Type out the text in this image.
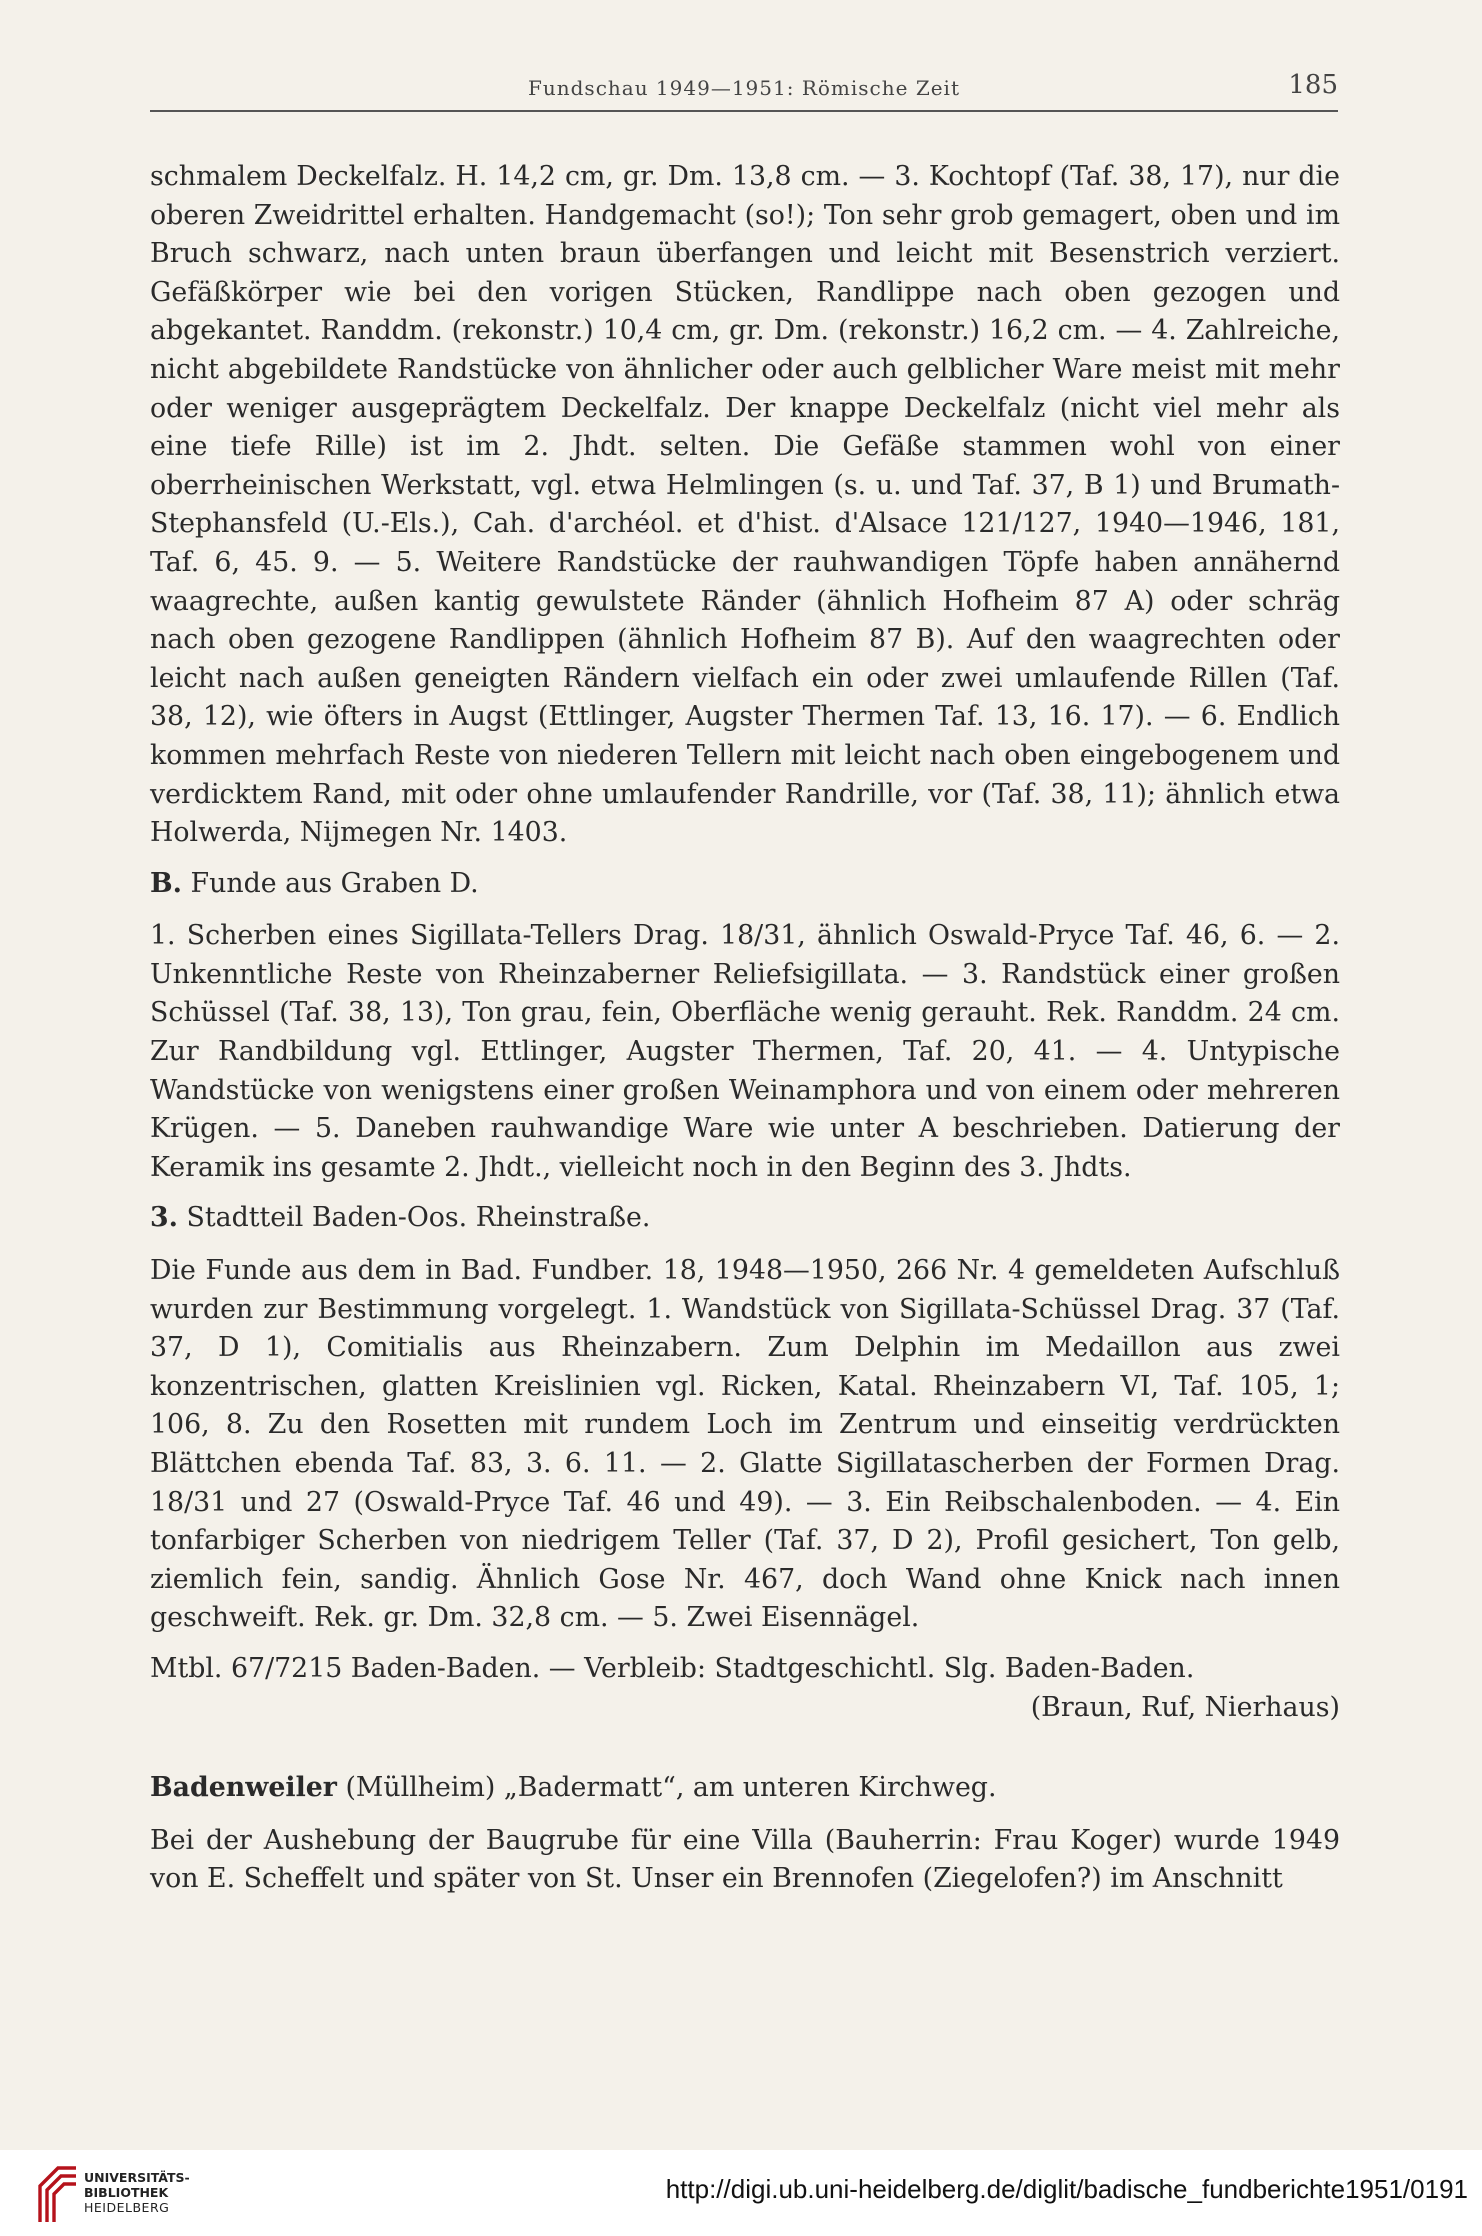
Fundschau 1949—1951: Römische Zeit	185

schmalem Deckelfalz. H. 14,2 cm, gr. Dm. 13,8 cm. — 3. Kochtopf (Taf. 38, 17), nur die oberen Zweidrittel erhalten. Handgemacht (so!); Ton sehr grob gemagert, oben und im Bruch schwarz, nach unten braun überfangen und leicht mit Besenstrich verziert. Gefäßkörper wie bei den vorigen Stücken, Randlippe nach oben gezogen und abgekantet. Randdm. (rekonstr.) 10,4 cm, gr. Dm. (rekonstr.) 16,2 cm. — 4. Zahlreiche, nicht abgebildete Randstücke von ähnlicher oder auch gelblicher Ware meist mit mehr oder weniger ausgeprägtem Deckelfalz. Der knappe Deckelfalz (nicht viel mehr als eine tiefe Rille) ist im 2. Jhdt. selten. Die Gefäße stammen wohl von einer oberrheinischen Werkstatt, vgl. etwa Helmlingen (s. u. und Taf. 37, B 1) und Brumath-Stephansfeld (U.-Els.), Cah. d'archéol. et d'hist. d'Alsace 121/127, 1940—1946, 181, Taf. 6, 45. 9. — 5. Weitere Randstücke der rauhwandigen Töpfe haben annähernd waagrechte, außen kantig gewulstete Ränder (ähnlich Hofheim 87 A) oder schräg nach oben gezogene Randlippen (ähnlich Hofheim 87 B). Auf den waagrechten oder leicht nach außen geneigten Rändern vielfach ein oder zwei umlaufende Rillen (Taf. 38, 12), wie öfters in Augst (Ettlinger, Augster Thermen Taf. 13, 16. 17). — 6. Endlich kommen mehrfach Reste von niederen Tellern mit leicht nach oben eingebogenem und verdicktem Rand, mit oder ohne umlaufender Randrille, vor (Taf. 38, 11); ähnlich etwa Holwerda, Nijmegen Nr. 1403.

B. Funde aus Graben D.

1. Scherben eines Sigillata-Tellers Drag. 18/31, ähnlich Oswald-Pryce Taf. 46, 6. — 2. Unkenntliche Reste von Rheinzaberner Reliefsigillata. — 3. Randstück einer großen Schüssel (Taf. 38, 13), Ton grau, fein, Oberfläche wenig gerauht. Rek. Randdm. 24 cm. Zur Randbildung vgl. Ettlinger, Augster Thermen, Taf. 20, 41. — 4. Untypische Wandstücke von wenigstens einer großen Weinamphora und von einem oder mehreren Krügen. — 5. Daneben rauhwandige Ware wie unter A beschrieben. Datierung der Keramik ins gesamte 2. Jhdt., vielleicht noch in den Beginn des 3. Jhdts.

3. Stadtteil Baden-Oos. Rheinstraße.

Die Funde aus dem in Bad. Fundber. 18, 1948—1950, 266 Nr. 4 gemeldeten Aufschluß wurden zur Bestimmung vorgelegt. 1. Wandstück von Sigillata-Schüssel Drag. 37 (Taf. 37, D 1), Comitialis aus Rheinzabern. Zum Delphin im Medaillon aus zwei konzentrischen, glatten Kreislinien vgl. Ricken, Katal. Rheinzabern VI, Taf. 105, 1; 106, 8. Zu den Rosetten mit rundem Loch im Zentrum und einseitig verdrückten Blättchen ebenda Taf. 83, 3. 6. 11. — 2. Glatte Sigillatascherben der Formen Drag. 18/31 und 27 (Oswald-Pryce Taf. 46 und 49). — 3. Ein Reibschalenboden. — 4. Ein tonfarbiger Scherben von niedrigem Teller (Taf. 37, D 2), Profil gesichert, Ton gelb, ziemlich fein, sandig. Ähnlich Gose Nr. 467, doch Wand ohne Knick nach innen geschweift. Rek. gr. Dm. 32,8 cm. — 5. Zwei Eisennägel.

Mtbl. 67/7215 Baden-Baden. — Verbleib: Stadtgeschichtl. Slg. Baden-Baden.

(Braun, Ruf, Nierhaus)

Badenweiler (Müllheim) „Badermatt“, am unteren Kirchweg.

Bei der Aushebung der Baugrube für eine Villa (Bauherrin: Frau Koger) wurde 1949 von E. Scheffelt und später von St. Unser ein Brennofen (Ziegelofen?) im Anschnitt

UNIVERSITÄTS-
BIBLIOTHEK
HEIDELBERG
http://digi.ub.uni-heidelberg.de/diglit/badische_fundberichte1951/0191
